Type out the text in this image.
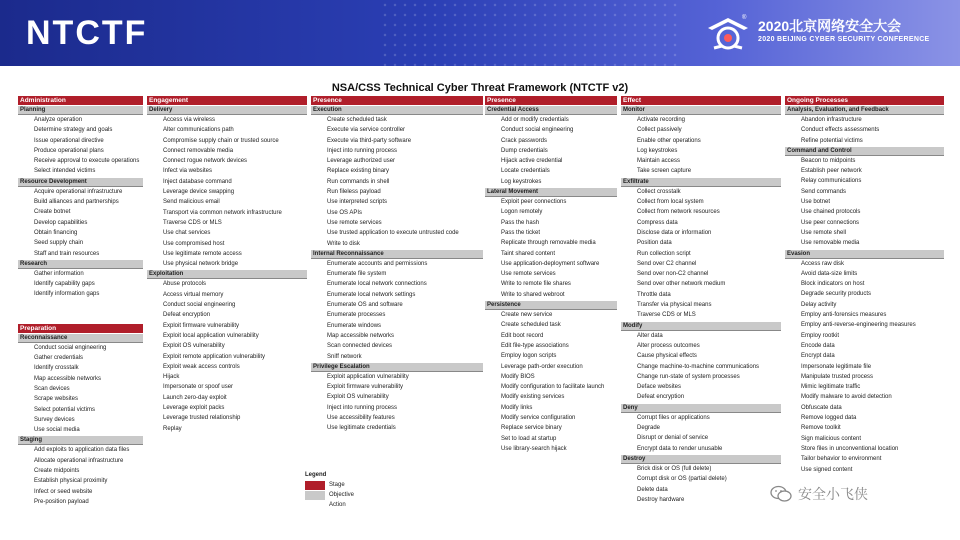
NTCTF	® 2020北京网络安全大会
2020 BEIJING CYBER SECURITY CONFERENCE
NSA/CSS Technical Cyber Threat Framework (NTCTF v2)
Administration
Planning
Analyze operation
Determine strategy and goals
Issue operational directive
Produce operational plans
Receive approval to execute operations
Select intended victims
Resource Development
Acquire operational infrastructure
Build alliances and partnerships
Create botnet
Develop capabilities
Obtain financing
Seed supply chain
Staff and train resources
Research
Gather information
Identify capability gaps
Identify information gaps
Preparation
Reconnaissance
Conduct social engineering
Gather credentials
Identify crosstalk
Map accessible networks
Scan devices
Scrape websites
Select potential victims
Survey devices
Use social media
Staging
Add exploits to application data files
Allocate operational infrastructure
Create midpoints
Establish physical proximity
Infect or seed website
Pre-position payload
Engagement
Delivery
Access via wireless
Alter communications path
Compromise supply chain or trusted source
Connect removable media
Connect rogue network devices
Infect via websites
Inject database command
Leverage device swapping
Send malicious email
Transport via common network infrastructure
Traverse CDS or MLS
Use chat services
Use compromised host
Use legitimate remote access
Use physical network bridge
Exploitation
Abuse protocols
Access virtual memory
Conduct social engineering
Defeat encryption
Exploit firmware vulnerability
Exploit local application vulnerability
Exploit OS vulnerability
Exploit remote application vulnerability
Exploit weak access controls
Hijack
Impersonate or spoof user
Launch zero-day exploit
Leverage exploit packs
Leverage trusted relationship
Replay
Presence
Execution
Create scheduled task
Execute via service controller
Execute via third-party software
Inject into running process
Leverage authorized user
Replace existing binary
Run commands in shell
Run fileless payload
Use interpreted scripts
Use OS APIs
Use remote services
Use trusted application to execute untrusted code
Write to disk
Internal Reconnaissance
Enumerate accounts and permissions
Enumerate file system
Enumerate local network connections
Enumerate local network settings
Enumerate OS and software
Enumerate processes
Enumerate windows
Map accessible networks
Scan connected devices
Sniff network
Privilege Escalation
Exploit application vulnerability
Exploit firmware vulnerability
Exploit OS vulnerability
Inject into running process
Use accessibility features
Use legitimate credentials
Presence
Credential Access
Add or modify credentials
Conduct social engineering
Crack passwords
Dump credentials
Hijack active credential
Locate credentials
Log keystrokes
Lateral Movement
Exploit peer connections
Logon remotely
Pass the hash
Pass the ticket
Replicate through removable media
Taint shared content
Use application-deployment software
Use remote services
Write to remote file shares
Write to shared webroot
Persistence
Create new service
Create scheduled task
Edit boot record
Edit file-type associations
Employ logon scripts
Leverage path-order execution
Modify BIOS
Modify configuration to facilitate launch
Modify existing services
Modify links
Modify service configuration
Replace service binary
Set to load at startup
Use library-search hijack
Effect
Monitor
Activate recording
Collect passively
Enable other operations
Log keystrokes
Maintain access
Take screen capture
Exfiltrate
Collect crosstalk
Collect from local system
Collect from network resources
Compress data
Disclose data or information
Position data
Run collection script
Send over C2 channel
Send over non-C2 channel
Send over other network medium
Throttle data
Transfer via physical means
Traverse CDS or MLS
Modify
Alter data
Alter process outcomes
Cause physical effects
Change machine-to-machine communications
Change run-state of system processes
Deface websites
Defeat encryption
Deny
Corrupt files or applications
Degrade
Disrupt or denial of service
Encrypt data to render unusable
Destroy
Brick disk or OS (full delete)
Corrupt disk or OS (partial delete)
Delete data
Destroy hardware
Ongoing Processes
Analysis, Evaluation, and Feedback
Abandon infrastructure
Conduct effects assessments
Refine potential victims
Command and Control
Beacon to midpoints
Establish peer network
Relay communications
Send commands
Use botnet
Use chained protocols
Use peer connections
Use remote shell
Use removable media
Evasion
Access raw disk
Avoid data-size limits
Block indicators on host
Degrade security products
Delay activity
Employ anti-forensics measures
Employ anti-reverse-engineering measures
Employ rootkit
Encode data
Encrypt data
Impersonate legitimate file
Manipulate trusted process
Mimic legitimate traffic
Modify malware to avoid detection
Obfuscate data
Remove logged data
Remove toolkit
Sign malicious content
Store files in unconventional location
Tailor behavior to environment
Use signed content
Legend
Stage
Objective
Action
安全小飞侠
